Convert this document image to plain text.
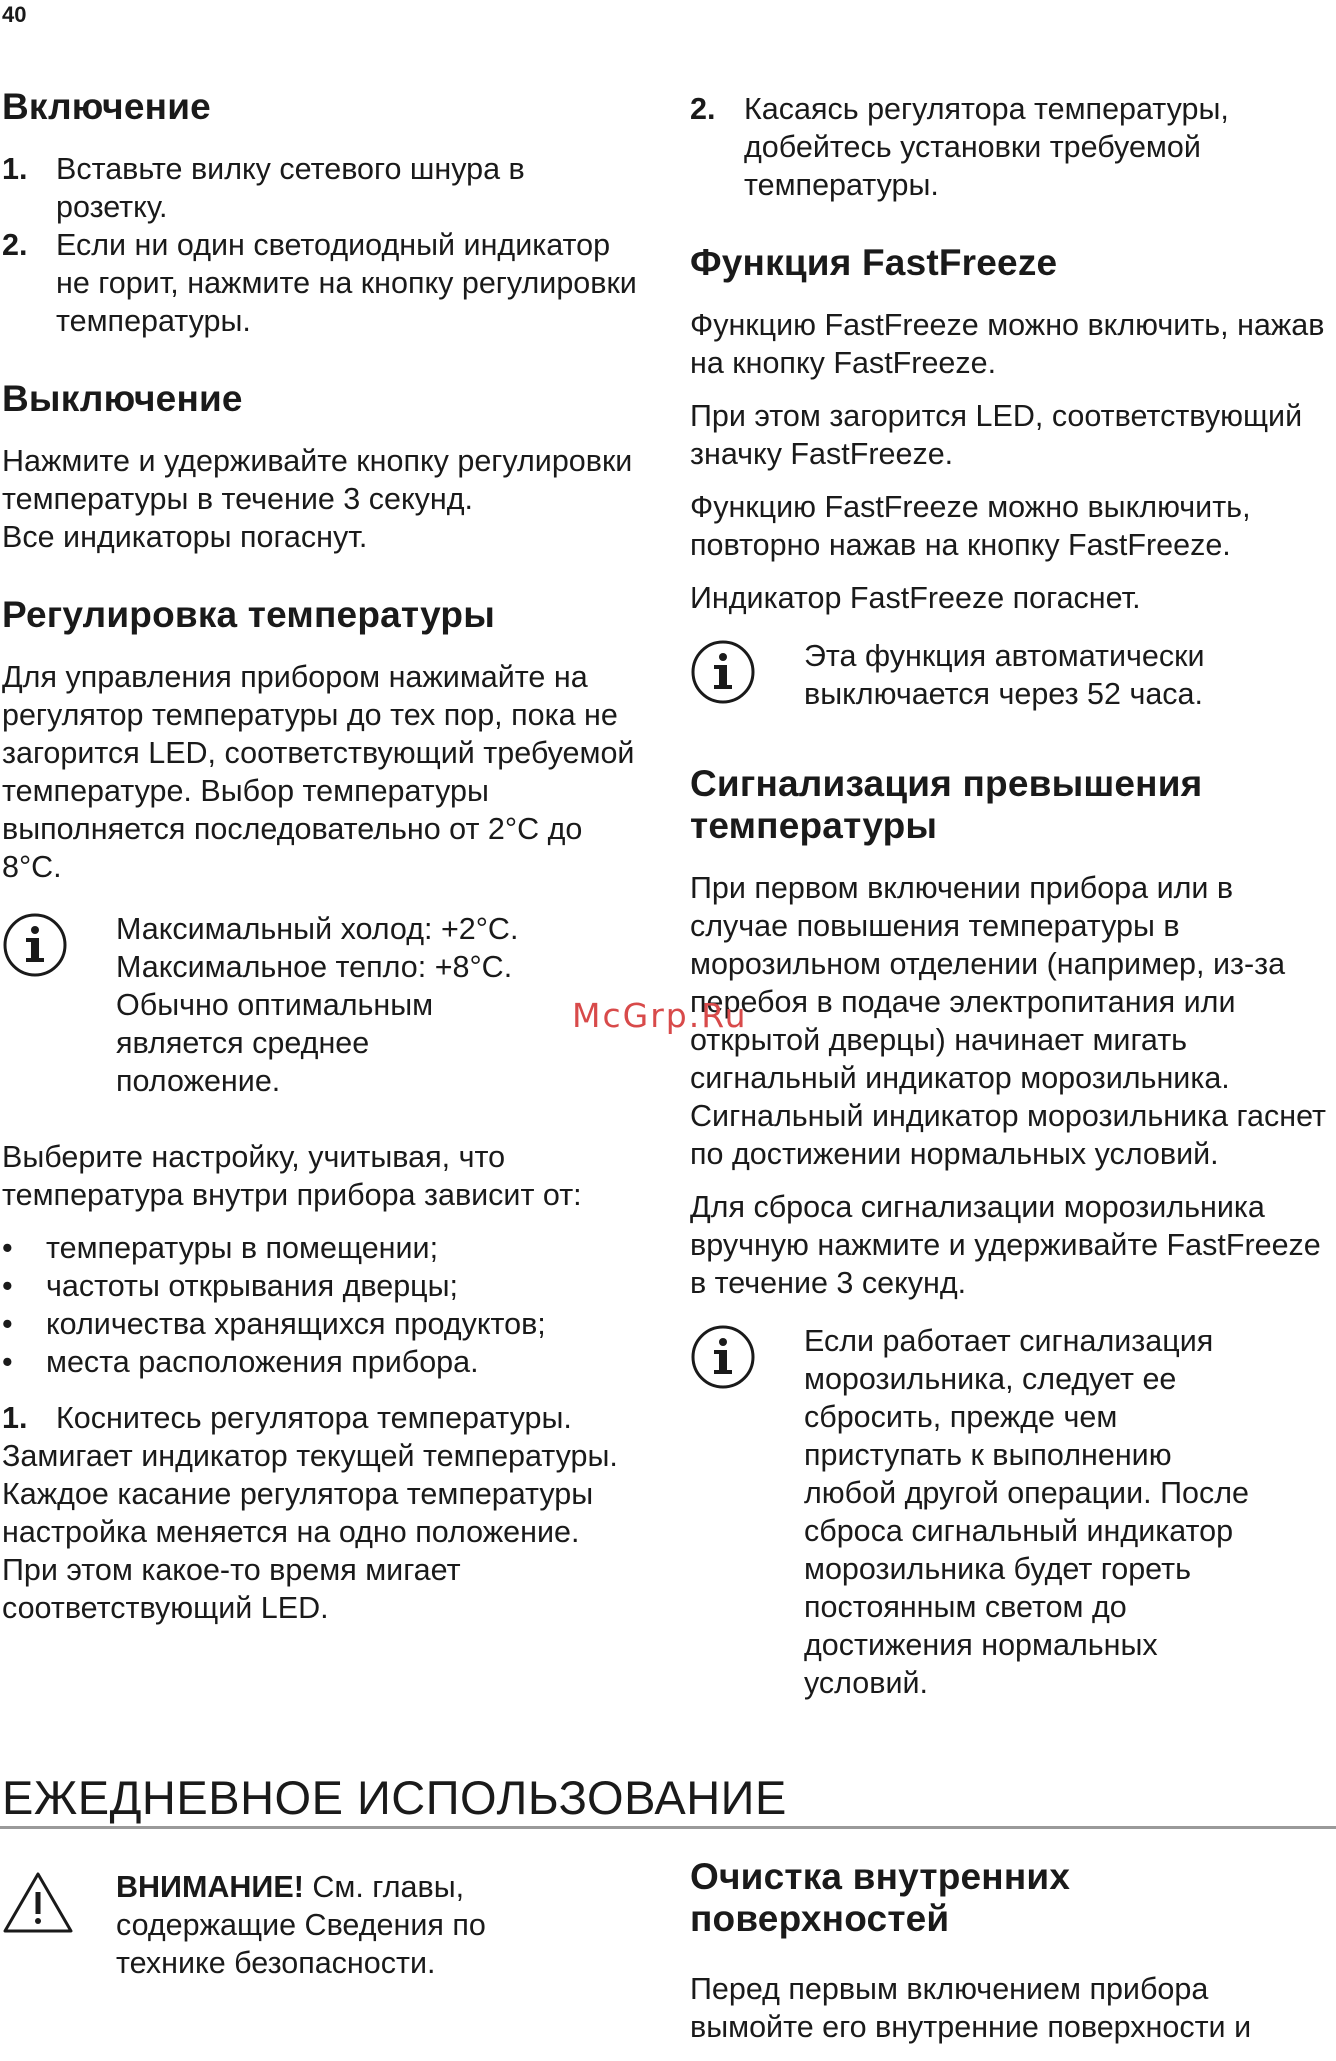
40
Включение
1. Вставьте вилку сетевого шнура в розетку.
2. Если ни один светодиодный индикатор не горит, нажмите на кнопку регулировки температуры.
Выключение

Нажмите и удерживайте кнопку регулировки температуры в течение 3 секунд.

Все индикаторы погаснут.

Регулировка температуры

Для управления прибором нажимайте на регулятор температуры до тех пор, пока не загорится LED, соответствующий требуемой температуре. Выбор температуры выполняется последовательно от 2°C до 8°C.

Максимальный холод: +2°C.
Максимальное тепло: +8°C.
Обычно оптимальным является среднее положение.

Выберите настройку, учитывая, что температура внутри прибора зависит от:

•	температуры в помещении;
•	частоты открывания дверцы;
•	количества хранящихся продуктов;
•	места расположения прибора.

1. Коснитесь регулятора температуры. Замигает индикатор текущей температуры. Каждое касание регулятора температуры настройка меняется на одно положение. При этом какое-то время мигает соответствующий LED.

2. Касаясь регулятора температуры, добейтесь установки требуемой температуры.
Функция FastFreeze

Функцию FastFreeze можно включить, нажав на кнопку FastFreeze.

При этом загорится LED, соответствующий значку FastFreeze.

Функцию FastFreeze можно выключить, повторно нажав на кнопку FastFreeze.

Индикатор FastFreeze погаснет.

Эта функция автоматически выключается через 52 часа.
Сигнализация превышения температуры

При первом включении прибора или в случае повышения температуры в морозильном отделении (например, из-за перебоя в подаче электропитания или открытой дверцы) начинает мигать сигнальный индикатор морозильника. Сигнальный индикатор морозильника гаснет по достижении нормальных условий.

Для сброса сигнализации морозильника вручную нажмите и удерживайте FastFreeze в течение 3 секунд.

Если работает сигнализация морозильника, следует ее сбросить, прежде чем приступать к выполнению любой другой операции. После сброса сигнальный индикатор морозильника будет гореть постоянным светом до достижения нормальных условий.
McGrp.Ru
ЕЖЕДНЕВНОЕ ИСПОЛЬЗОВАНИЕ
ВНИМАНИЕ! См. главы, содержащие Сведения по технике безопасности.
Очистка внутренних поверхностей

Перед первым включением прибора вымойте его внутренние поверхности и
